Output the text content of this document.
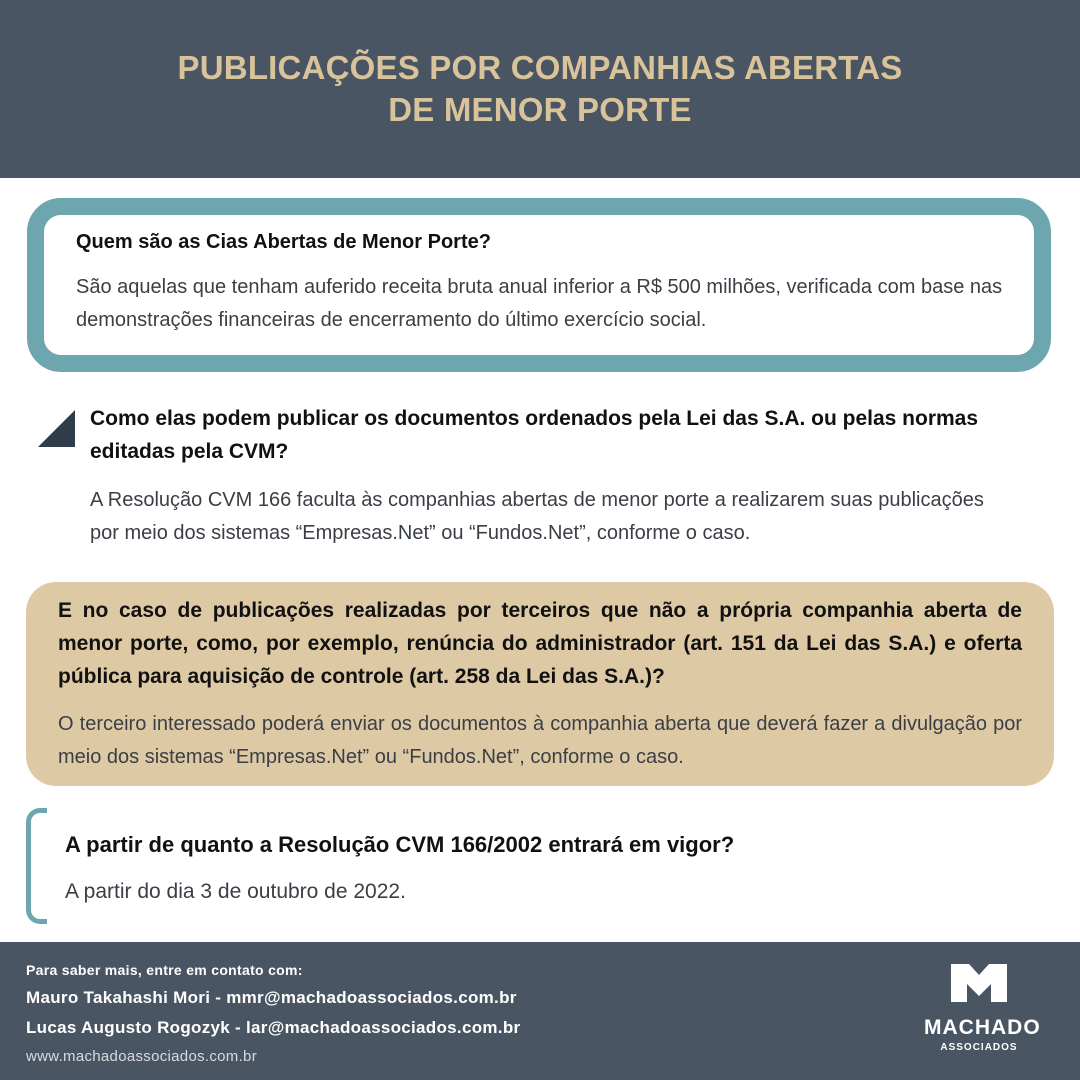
PUBLICAÇÕES POR COMPANHIAS ABERTAS
DE MENOR PORTE
Quem são as Cias Abertas de Menor Porte?
São aquelas que tenham auferido receita bruta anual inferior a R$ 500 milhões, verificada com base nas demonstrações financeiras de encerramento do último exercício social.
Como elas podem publicar os documentos ordenados pela Lei das S.A. ou pelas normas editadas pela CVM?
A Resolução CVM 166 faculta às companhias abertas de menor porte a realizarem suas publicações por meio dos sistemas “Empresas.Net” ou “Fundos.Net”, conforme o caso.
E no caso de publicações realizadas por terceiros que não a própria companhia aberta de menor porte, como, por exemplo, renúncia do administrador (art. 151 da Lei das S.A.) e oferta pública para aquisição de controle (art. 258 da Lei das S.A.)?
O terceiro interessado poderá enviar os documentos à companhia aberta que deverá fazer a divulgação por meio dos sistemas “Empresas.Net” ou “Fundos.Net”, conforme o caso.
A partir de quanto a Resolução CVM 166/2002 entrará em vigor?
A partir do dia 3 de outubro de 2022.
Para saber mais, entre em contato com:
Mauro Takahashi Mori - mmr@machadoassociados.com.br
Lucas Augusto Rogozyk - lar@machadoassociados.com.br
www.machadoassociados.com.br
MACHADO
ASSOCIADOS
